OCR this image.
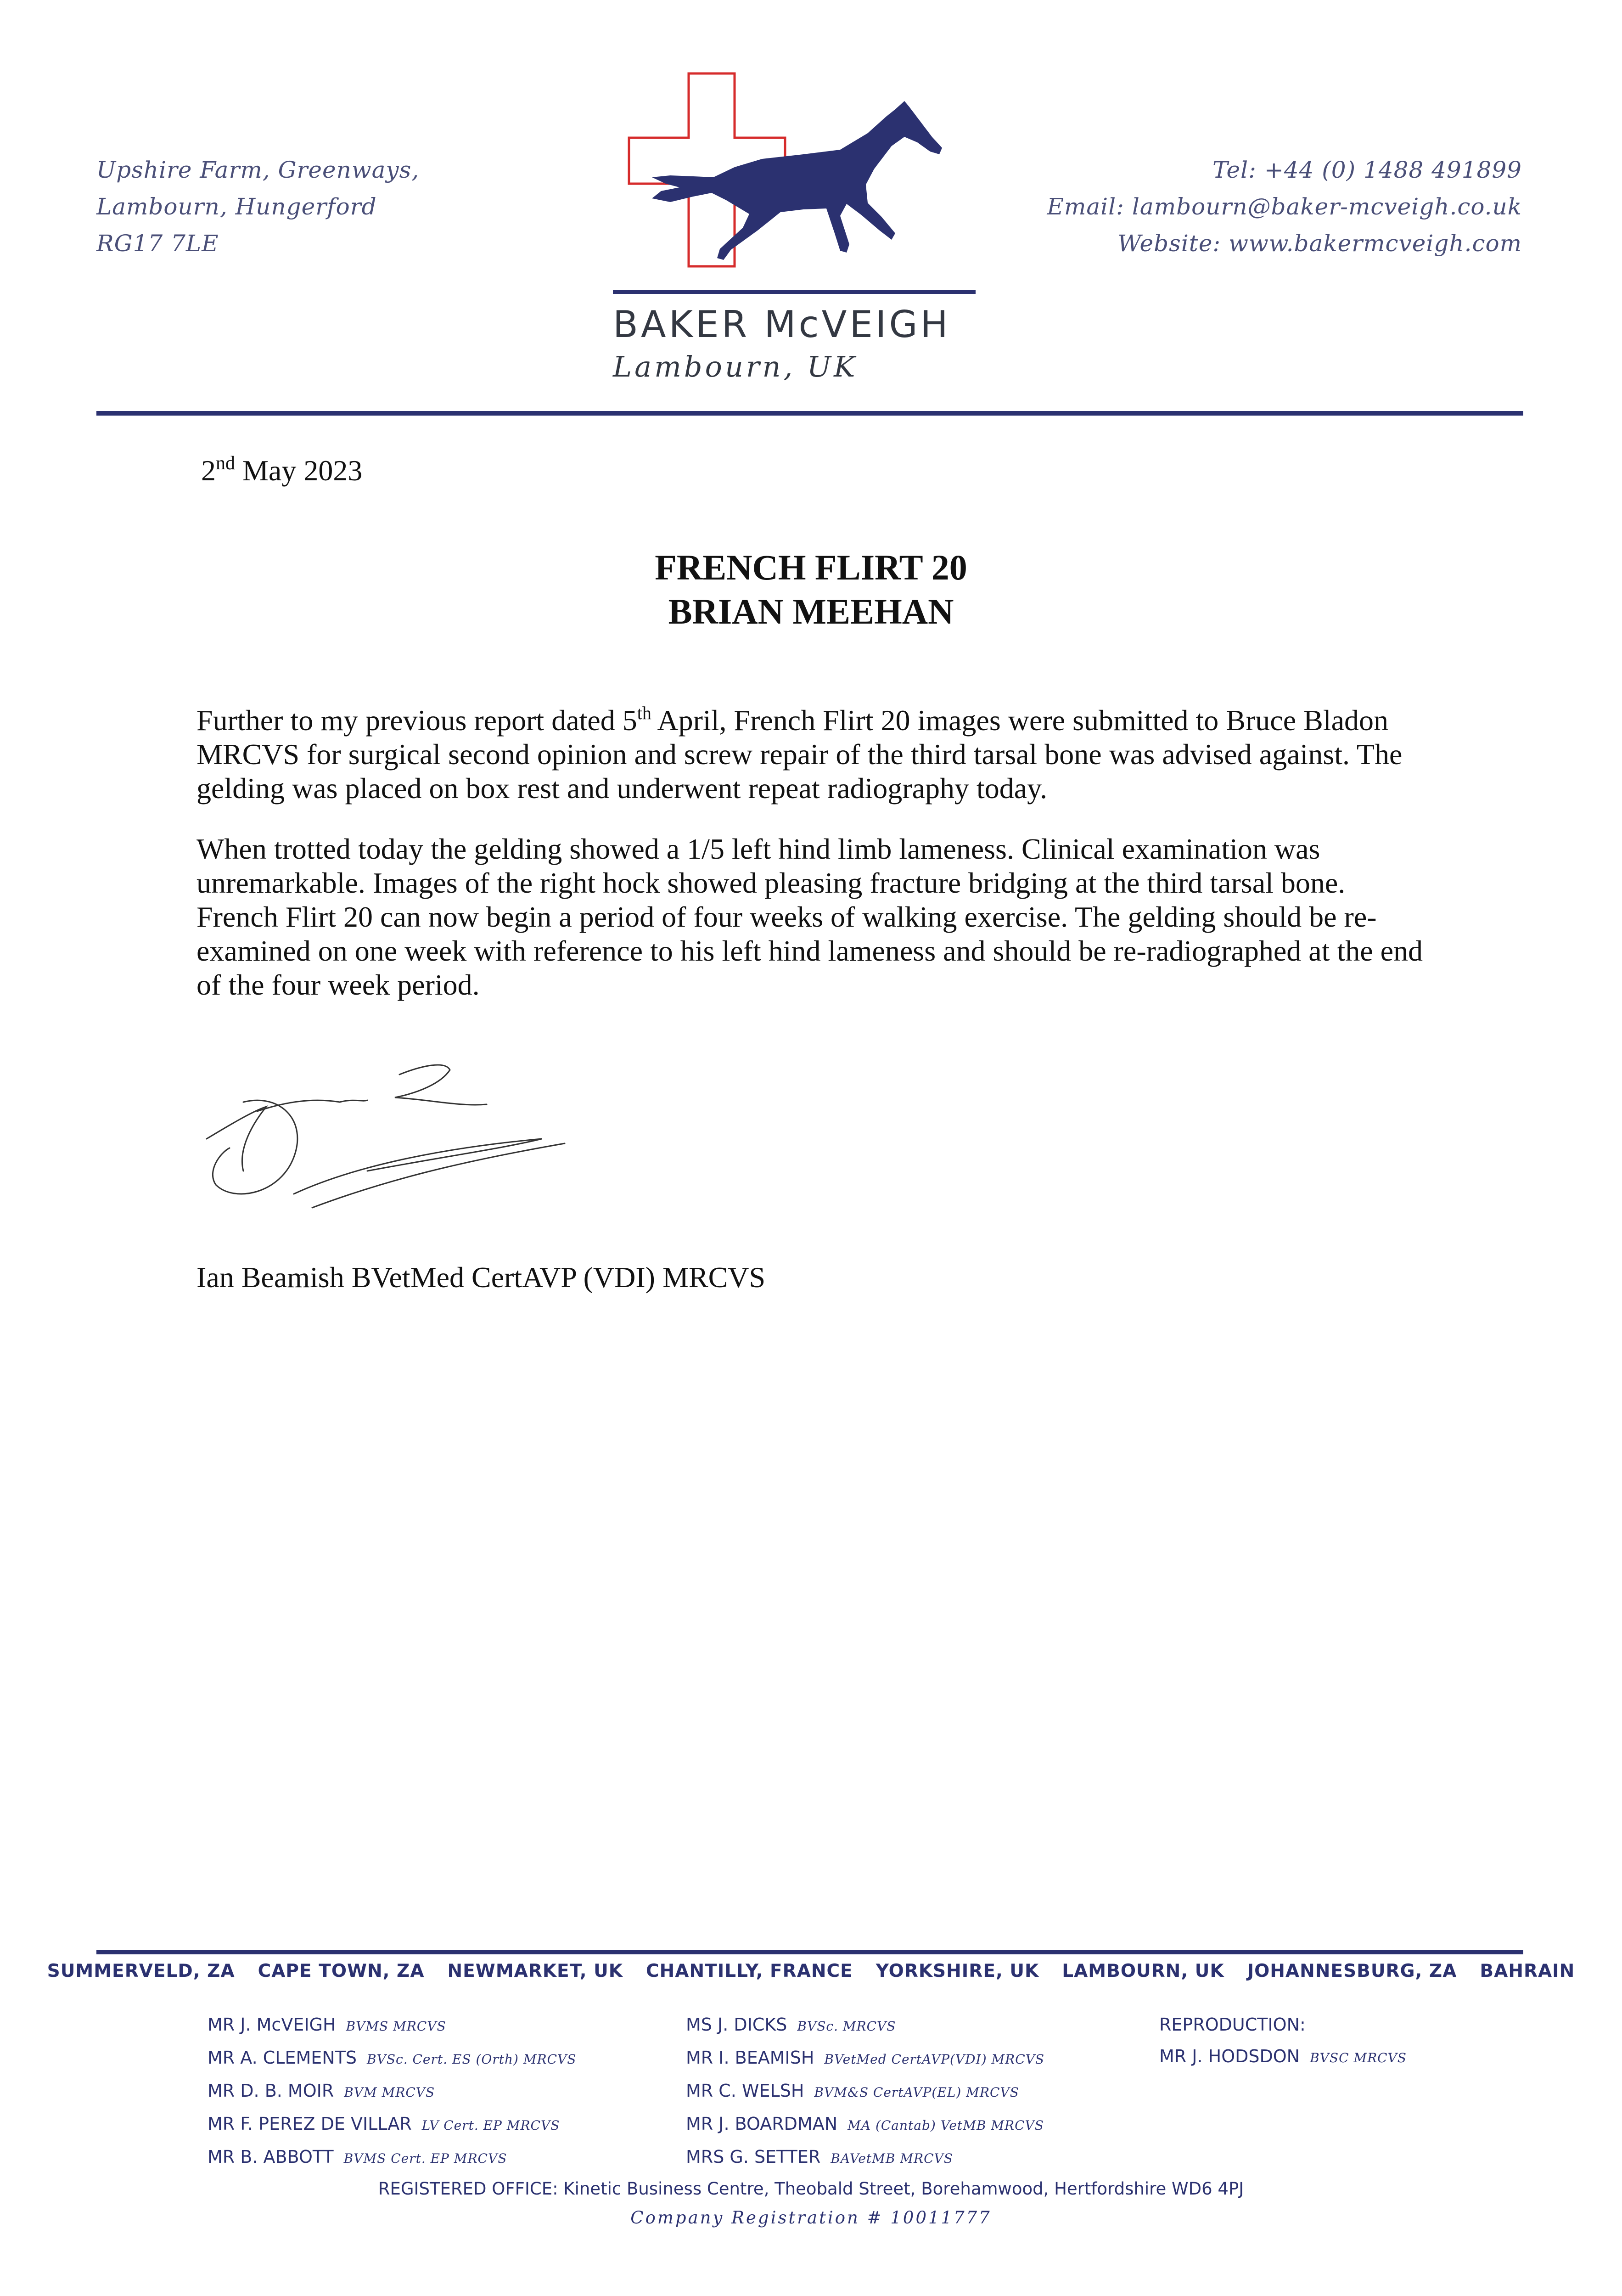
Upshire Farm, Greenways,
Lambourn, Hungerford
RG17 7LE
BAKER McVEIGH
Lambourn, UK
Tel: +44 (0) 1488 491899
Email: lambourn@baker-mcveigh.co.uk
Website: www.bakermcveigh.com
2nd May 2023
FRENCH FLIRT 20
BRIAN MEEHAN
Further to my previous report dated 5th April, French Flirt 20 images were submitted to Bruce Bladon MRCVS for surgical second opinion and screw repair of the third tarsal bone was advised against. The gelding was placed on box rest and underwent repeat radiography today.
When trotted today the gelding showed a 1/5 left hind limb lameness. Clinical examination was unremarkable. Images of the right hock showed pleasing fracture bridging at the third tarsal bone. French Flirt 20 can now begin a period of four weeks of walking exercise. The gelding should be re-examined on one week with reference to his left hind lameness and should be re-radiographed at the end of the four week period.
Ian Beamish BVetMed CertAVP (VDI) MRCVS
SUMMERVELD, ZA CAPE TOWN, ZA NEWMARKET, UK CHANTILLY, FRANCE YORKSHIRE, UK LAMBOURN, UK JOHANNESBURG, ZA BAHRAIN
MR J. McVEIGH BVMS MRCVS
MR A. CLEMENTS BVSc. Cert. ES (Orth) MRCVS
MR D. B. MOIR BVM MRCVS
MR F. PEREZ DE VILLAR LV Cert. EP MRCVS
MR B. ABBOTT BVMS Cert. EP MRCVS
MS J. DICKS BVSc. MRCVS
MR I. BEAMISH BVetMed CertAVP(VDI) MRCVS
MR C. WELSH BVM&S CertAVP(EL) MRCVS
MR J. BOARDMAN MA (Cantab) VetMB MRCVS
MRS G. SETTER BAVetMB MRCVS
REPRODUCTION:
MR J. HODSDON BVSC MRCVS
REGISTERED OFFICE: Kinetic Business Centre, Theobald Street, Borehamwood, Hertfordshire WD6 4PJ
Company Registration # 10011777
